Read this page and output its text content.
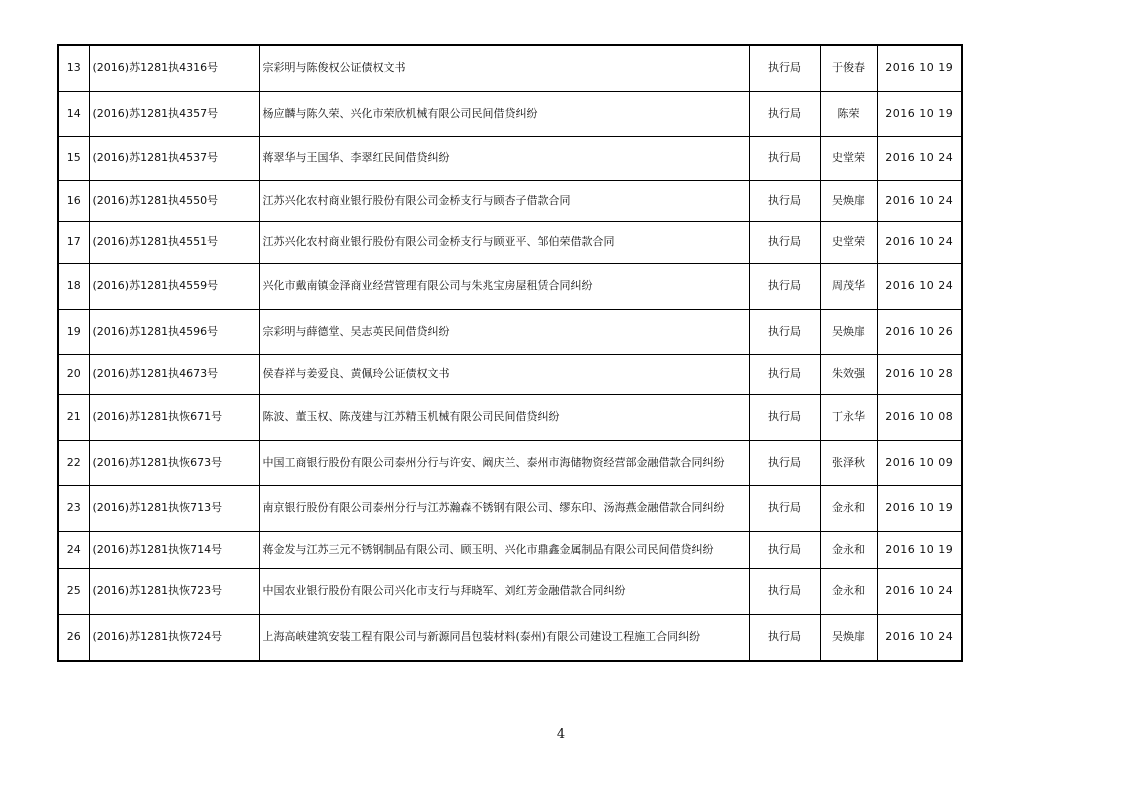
13	(2016)苏1281执4316号	宗彩明与陈俊权公证债权文书	执行局	于俊春	2016 10 19
14	(2016)苏1281执4357号	杨应麟与陈久荣、兴化市荣欣机械有限公司民间借贷纠纷	执行局	陈荣	2016 10 19
15	(2016)苏1281执4537号	蒋翠华与王国华、李翠红民间借贷纠纷	执行局	史堂荣	2016 10 24
16	(2016)苏1281执4550号	江苏兴化农村商业银行股份有限公司金桥支行与顾杏子借款合同	执行局	吴焕扉	2016 10 24
17	(2016)苏1281执4551号	江苏兴化农村商业银行股份有限公司金桥支行与顾亚平、邹伯荣借款合同	执行局	史堂荣	2016 10 24
18	(2016)苏1281执4559号	兴化市戴南镇金泽商业经营管理有限公司与朱兆宝房屋租赁合同纠纷	执行局	周茂华	2016 10 24
19	(2016)苏1281执4596号	宗彩明与薛德堂、吴志英民间借贷纠纷	执行局	吴焕扉	2016 10 26
20	(2016)苏1281执4673号	侯春祥与姜爱良、黄佩玲公证债权文书	执行局	朱效强	2016 10 28
21	(2016)苏1281执恢671号	陈波、董玉权、陈茂建与江苏精玉机械有限公司民间借贷纠纷	执行局	丁永华	2016 10 08
22	(2016)苏1281执恢673号	中国工商银行股份有限公司泰州分行与许安、阚庆兰、泰州市海储物资经营部金融借款合同纠纷	执行局	张泽秋	2016 10 09
23	(2016)苏1281执恢713号	南京银行股份有限公司泰州分行与江苏瀚森不锈钢有限公司、缪东印、汤海燕金融借款合同纠纷	执行局	金永和	2016 10 19
24	(2016)苏1281执恢714号	蒋金发与江苏三元不锈钢制品有限公司、顾玉明、兴化市鼎鑫金属制品有限公司民间借贷纠纷	执行局	金永和	2016 10 19
25	(2016)苏1281执恢723号	中国农业银行股份有限公司兴化市支行与拜晓军、刘红芳金融借款合同纠纷	执行局	金永和	2016 10 24
26	(2016)苏1281执恢724号	上海高峡建筑安装工程有限公司与新源同昌包装材料(泰州)有限公司建设工程施工合同纠纷	执行局	吴焕扉	2016 10 24
4
